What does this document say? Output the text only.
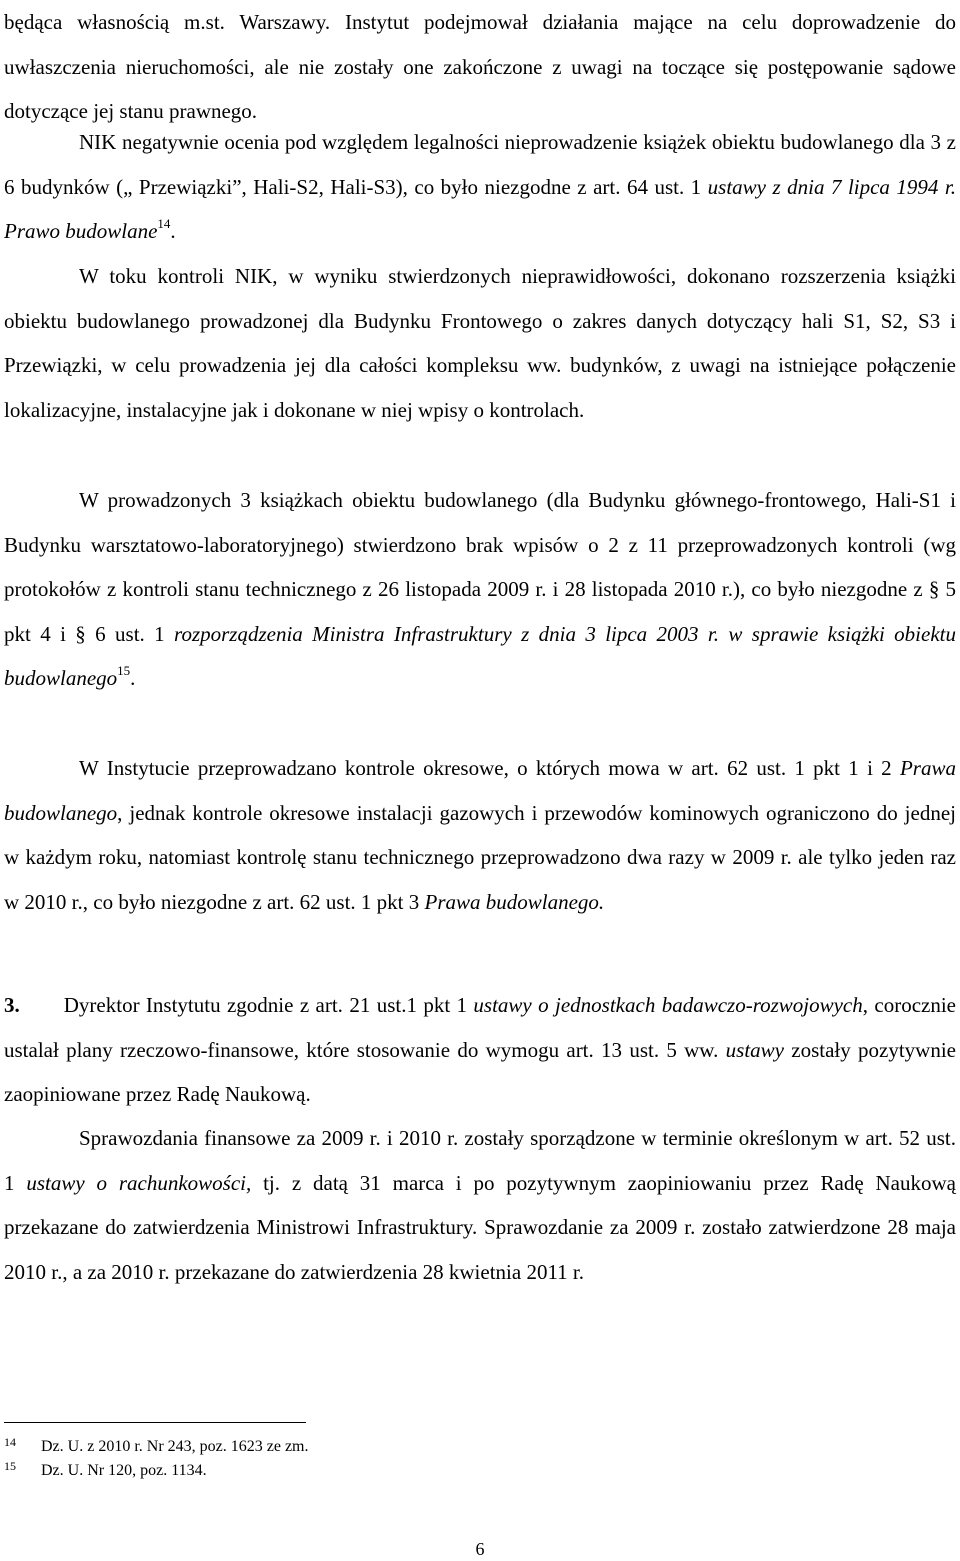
będąca własnością m.st. Warszawy. Instytut podejmował działania mające na celu doprowadzenie do uwłaszczenia nieruchomości, ale nie zostały one zakończone z uwagi na toczące się postępowanie sądowe dotyczące jej stanu prawnego.

NIK negatywnie ocenia pod względem legalności nieprowadzenie książek obiektu budowlanego dla 3 z 6 budynków („ Przewiązki”, Hali-S2, Hali-S3), co było niezgodne z art. 64 ust. 1 ustawy z dnia 7 lipca 1994 r. Prawo budowlane$^{14}$.

W toku kontroli NIK, w wyniku stwierdzonych nieprawidłowości, dokonano rozszerzenia książki obiektu budowlanego prowadzonej dla Budynku Frontowego o zakres danych dotyczący hali S1, S2, S3 i Przewiązki, w celu prowadzenia jej dla całości kompleksu ww. budynków, z uwagi na istniejące połączenie lokalizacyjne, instalacyjne jak i dokonane w niej wpisy o kontrolach.

W prowadzonych 3 książkach obiektu budowlanego (dla Budynku głównego-frontowego, Hali-S1 i Budynku warsztatowo-laboratoryjnego) stwierdzono brak wpisów o 2 z 11 przeprowadzonych kontroli (wg protokołów z kontroli stanu technicznego z 26 listopada 2009 r. i 28 listopada 2010 r.), co było niezgodne z § 5 pkt 4 i § 6 ust. 1 rozporządzenia Ministra Infrastruktury z dnia 3 lipca 2003 r. w sprawie książki obiektu budowlanego$^{15}$.

W Instytucie przeprowadzano kontrole okresowe, o których mowa w art. 62 ust. 1 pkt 1 i 2 Prawa budowlanego, jednak kontrole okresowe instalacji gazowych i przewodów kominowych ograniczono do jednej w każdym roku, natomiast kontrolę stanu technicznego przeprowadzono dwa razy w 2009 r. ale tylko jeden raz w 2010 r., co było niezgodne z art. 62 ust. 1 pkt 3 Prawa budowlanego.

3. Dyrektor Instytutu zgodnie z art. 21 ust.1 pkt 1 ustawy o jednostkach badawczo-rozwojowych, corocznie ustalał plany rzeczowo-finansowe, które stosowanie do wymogu art. 13 ust. 5 ww. ustawy zostały pozytywnie zaopiniowane przez Radę Naukową.

Sprawozdania finansowe za 2009 r. i 2010 r. zostały sporządzone w terminie określonym w art. 52 ust. 1 ustawy o rachunkowości, tj. z datą 31 marca i po pozytywnym zaopiniowaniu przez Radę Naukową przekazane do zatwierdzenia Ministrowi Infrastruktury. Sprawozdanie za 2009 r. zostało zatwierdzone 28 maja 2010 r., a za 2010 r. przekazane do zatwierdzenia 28 kwietnia 2011 r.

14 Dz. U. z 2010 r. Nr 243, poz. 1623 ze zm.
15 Dz. U. Nr 120, poz. 1134.
6
